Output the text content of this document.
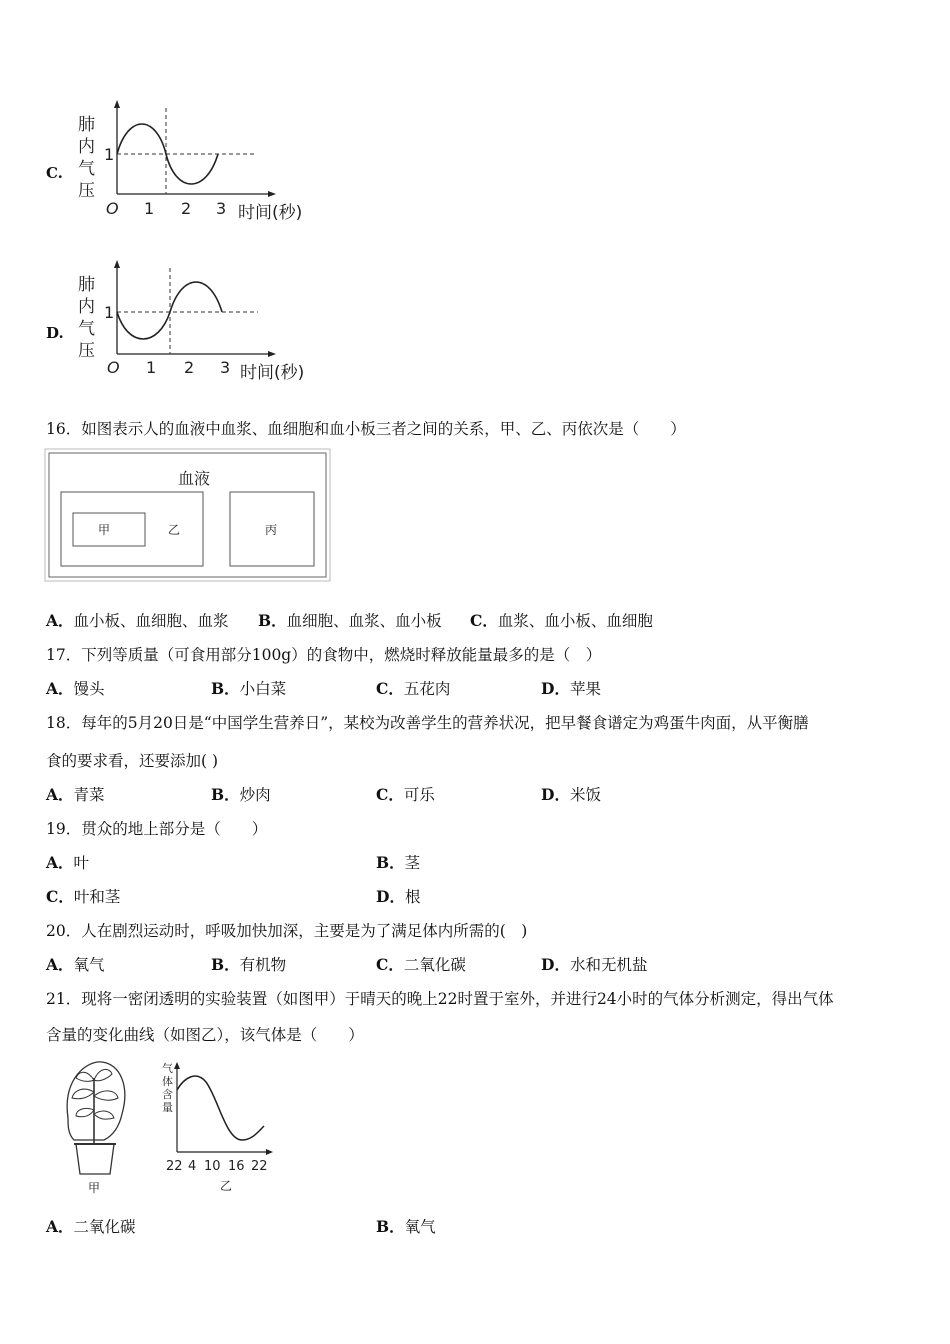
C.
肺
内
气
压
1
O 1 2 3 时间(秒)
D.
肺
内
气
压
1
O 1 2 3 时间(秒)
16．如图表示人的血液中血浆、血细胞和血小板三者之间的关系，甲、乙、丙依次是（　　）
血液
甲	乙	丙
A．血小板、血细胞、血浆 B．血细胞、血浆、血小板 C．血浆、血小板、血细胞
17．下列等质量（可食用部分100g）的食物中，燃烧时释放能量最多的是（　）
A．馒头	B．小白菜	C．五花肉	D．苹果
18．每年的5月20日是“中国学生营养日”，某校为改善学生的营养状况，把早餐食谱定为鸡蛋牛肉面，从平衡膳
食的要求看，还要添加( )
A．青菜	B．炒肉	C．可乐	D．米饭
19．贯众的地上部分是（　　）
A．叶	B．茎
C．叶和茎	D．根
20．人在剧烈运动时，呼吸加快加深，主要是为了满足体内所需的(　)
A．氧气	B．有机物	C．二氧化碳	D．水和无机盐
21．现将一密闭透明的实验装置（如图甲）于晴天的晚上22时置于室外，并进行24小时的气体分析测定，得出气体
含量的变化曲线（如图乙），该气体是（　　）
甲
气
体
含
量
22 4 10 16 22
乙
A．二氧化碳	B．氧气
